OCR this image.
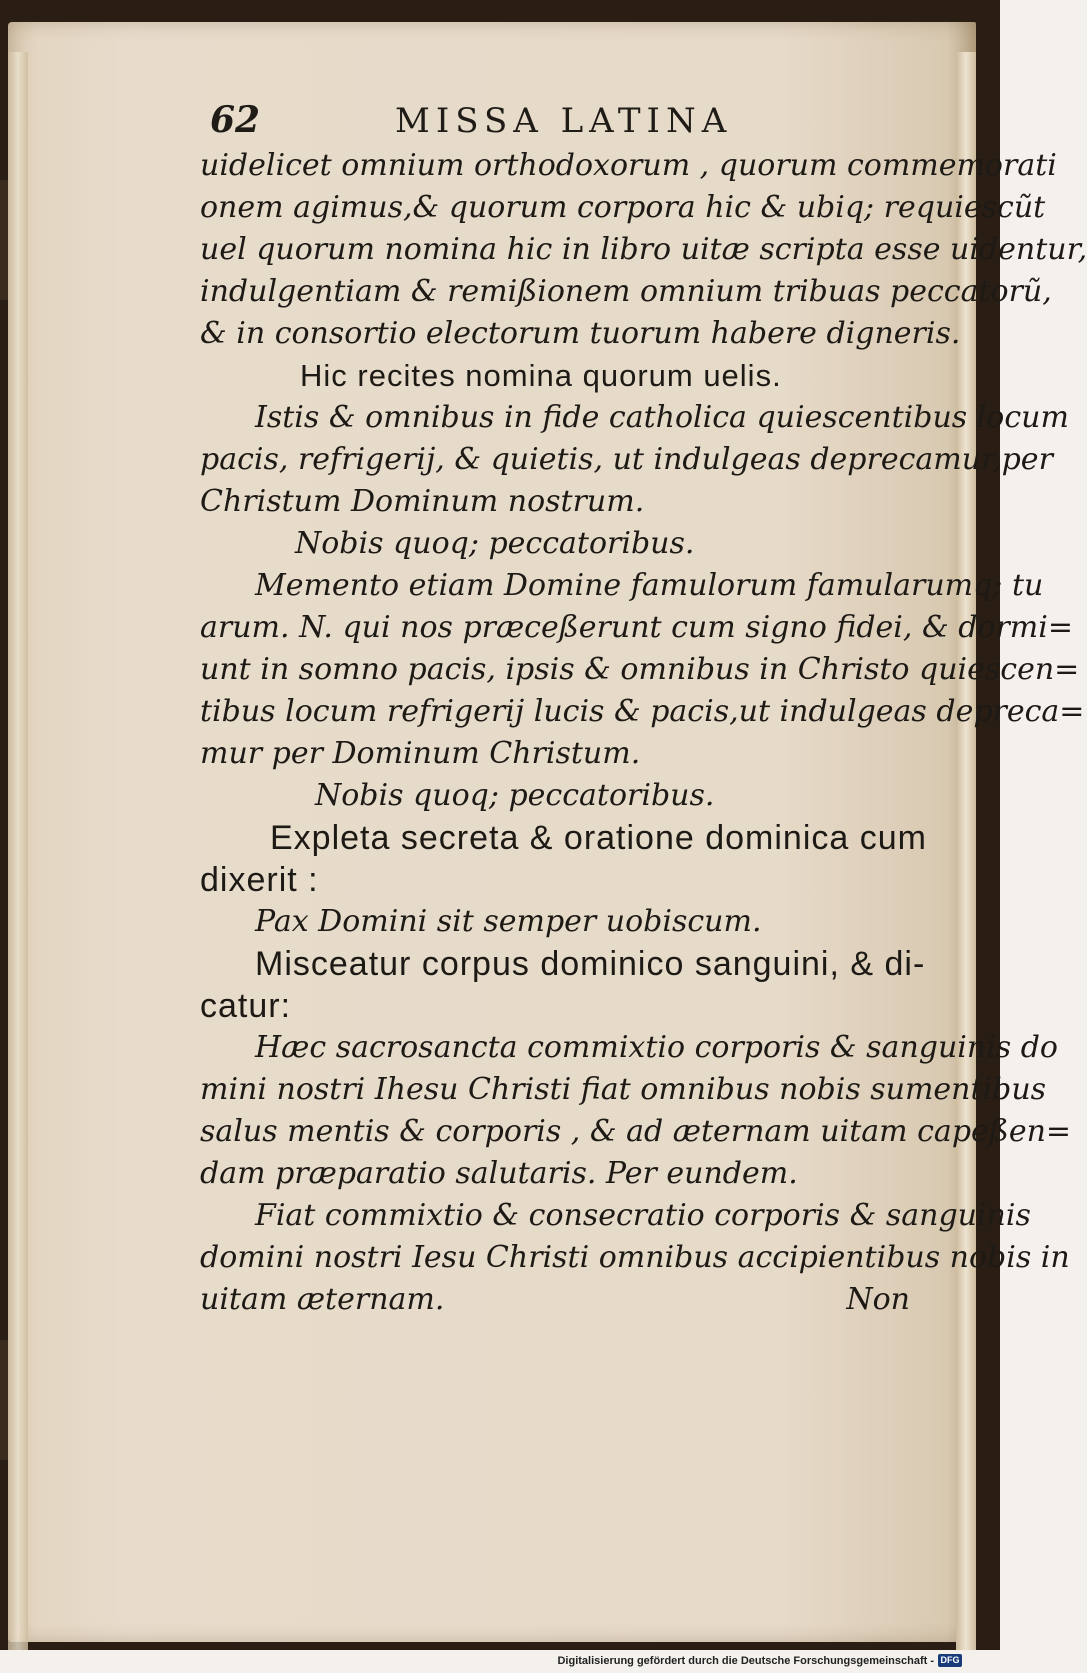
62	MISSA LATINA
uidelicet omnium orthodoxorum , quorum commemorati
onem agimus,& quorum corpora hic & ubiq; requiescũt
uel quorum nomina hic in libro uitæ scripta esse uidentur,
indulgentiam & remißionem omnium tribuas peccatorũ,
& in consortio electorum tuorum habere digneris.
Hic recites nomina quorum uelis.
Istis & omnibus in fide catholica quiescentibus locum
pacis, refrigerij, & quietis, ut indulgeas deprecamur,per
Christum Dominum nostrum.
Nobis quoq; peccatoribus.
Memento etiam Domine famulorum famularumq; tu
arum. N. qui nos præceßerunt cum signo fidei, & dormi=
unt in somno pacis, ipsis & omnibus in Christo quiescen=
tibus locum refrigerij lucis & pacis,ut indulgeas depreca=
mur per Dominum Christum.
Nobis quoq; peccatoribus.
Expleta secreta & oratione dominica cum
dixerit :
Pax Domini sit semper uobiscum.
Misceatur corpus dominico sanguini, & di-
catur:
Hæc sacrosancta commixtio corporis & sanguinis do
mini nostri Ihesu Christi fiat omnibus nobis sumentibus
salus mentis & corporis , & ad æternam uitam capeßen=
dam præparatio salutaris. Per eundem.
Fiat commixtio & consecratio corporis & sanguinis
domini nostri Iesu Christi omnibus accipientibus nobis in
uitam æternam.	Non
Digitalisierung gefördert durch die Deutsche Forschungsgemeinschaft - DFG
